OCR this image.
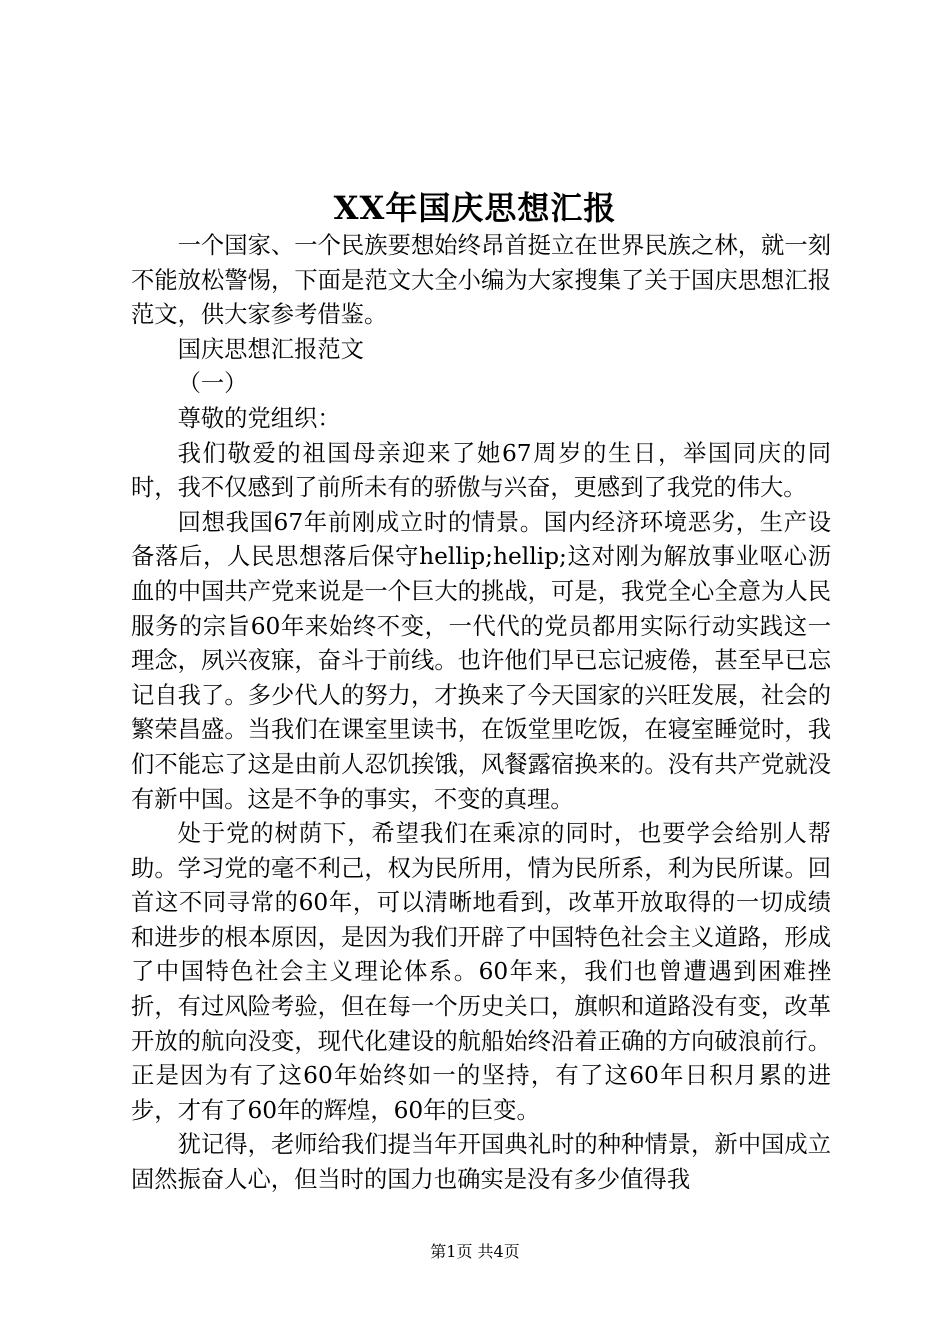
XX年国庆思想汇报

一个国家、一个民族要想始终昂首挺立在世界民族之林，就一刻不能放松警惕，下面是范文大全小编为大家搜集了关于国庆思想汇报范文，供大家参考借鉴。

国庆思想汇报范文

（一）

尊敬的党组织：

我们敬爱的祖国母亲迎来了她67周岁的生日，举国同庆的同时，我不仅感到了前所未有的骄傲与兴奋，更感到了我党的伟大。

回想我国67年前刚成立时的情景。国内经济环境恶劣，生产设备落后，人民思想落后保守hellip;hellip;这对刚为解放事业呕心沥血的中国共产党来说是一个巨大的挑战，可是，我党全心全意为人民服务的宗旨60年来始终不变，一代代的党员都用实际行动实践这一理念，夙兴夜寐，奋斗于前线。也许他们早已忘记疲倦，甚至早已忘记自我了。多少代人的努力，才换来了今天国家的兴旺发展，社会的繁荣昌盛。当我们在课室里读书，在饭堂里吃饭，在寝室睡觉时，我们不能忘了这是由前人忍饥挨饿，风餐露宿换来的。没有共产党就没有新中国。这是不争的事实，不变的真理。

处于党的树荫下，希望我们在乘凉的同时，也要学会给别人帮助。学习党的毫不利己，权为民所用，情为民所系，利为民所谋。回首这不同寻常的60年，可以清晰地看到，改革开放取得的一切成绩和进步的根本原因，是因为我们开辟了中国特色社会主义道路，形成了中国特色社会主义理论体系。60年来，我们也曾遭遇到困难挫折，有过风险考验，但在每一个历史关口，旗帜和道路没有变，改革开放的航向没变，现代化建设的航船始终沿着正确的方向破浪前行。正是因为有了这60年始终如一的坚持，有了这60年日积月累的进步，才有了60年的辉煌，60年的巨变。

犹记得，老师给我们提当年开国典礼时的种种情景，新中国成立固然振奋人心，但当时的国力也确实是没有多少值得我

第1页 共4页
